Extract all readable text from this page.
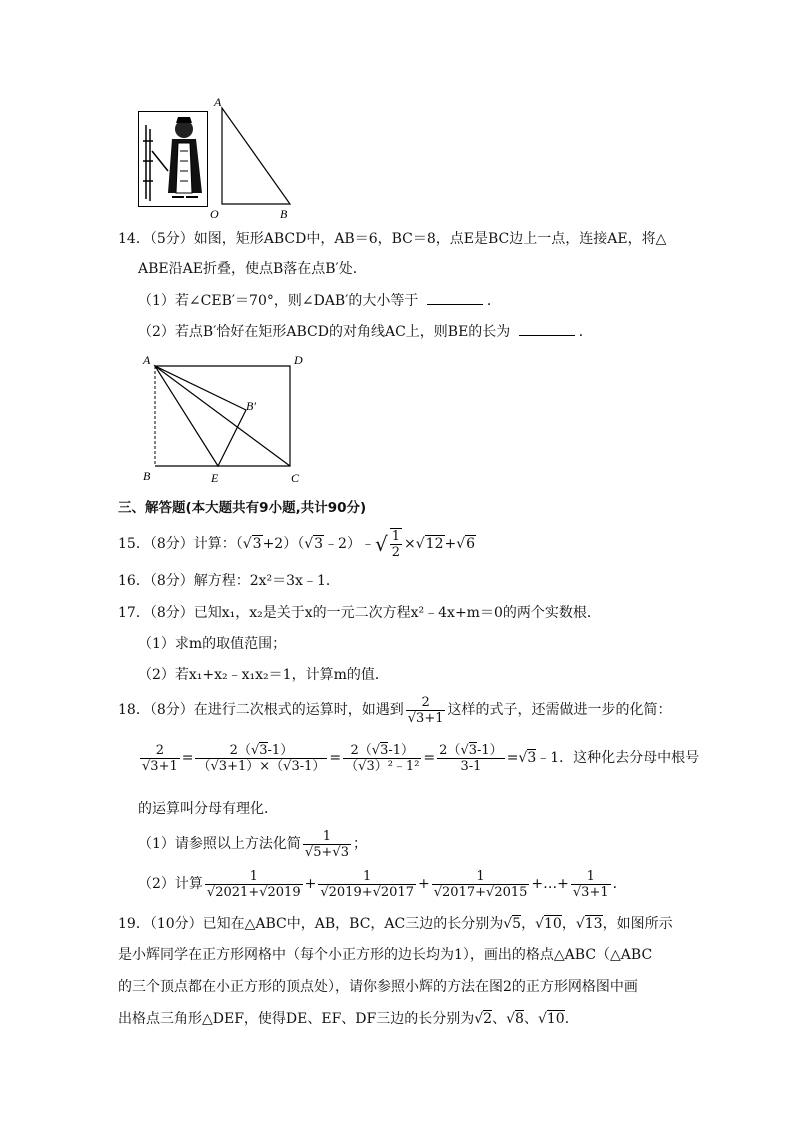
A
O	B
14．（5分）如图，矩形ABCD中，AB＝6，BC＝8，点E是BC边上一点，连接AE，将△
ABE沿AE折叠，使点B落在点B′处．
（1）若∠CEB′＝70°，则∠DAB′的大小等于	．
（2）若点B′恰好在矩形ABCD的对角线AC上，则BE的长为	．
A	D
B′
B	E	C
三、解答题(本大题共有9小题,共计90分)
15．（8分）计算：（√3+2）（√3﹣2）﹣√ $\frac{1}{2} \times√12+√6$
16．（8分）解方程：2x²＝3x﹣1．
17．（8分）已知x₁，x₂是关于x的一元二次方程x²﹣4x+m＝0的两个实数根．
（1）求m的取值范围；
（2）若x₁+x₂﹣x₁x₂＝1，计算m的值．
18．（8分）在进行二次根式的运算时，如遇到 $\frac{2}{√3+1}$ 这样的式子，还需做进一步的化简：
$\frac{2}{√3+1} = \frac{2(√3-1)}{(√3+1)\times(√3-1)} = \frac{2(√3-1)}{\text{（√3）²﹣1²}} = \frac{2(√3-1)}{3-1}$ =√3﹣1．这种化去分母中根号
的运算叫分母有理化．
（1）请参照以上方法化简 $\frac{1}{√5+√3}$ ；
（2）计算 $\frac{1}{√2021+√2019} + \frac{1}{√2019+√2017} + \frac{1}{√2017+√2015}$ +…+ $\frac{1}{√3+1}$ ．
19．（10分）已知在△ABC中，AB，BC，AC三边的长分别为√5，√10，√13，如图所示
是小辉同学在正方形网格中（每个小正方形的边长均为1），画出的格点△ABC（△ABC
的三个顶点都在小正方形的顶点处），请你参照小辉的方法在图2的正方形网格图中画
出格点三角形△DEF，使得DE、EF、DF三边的长分别为√2、√8、√10．
